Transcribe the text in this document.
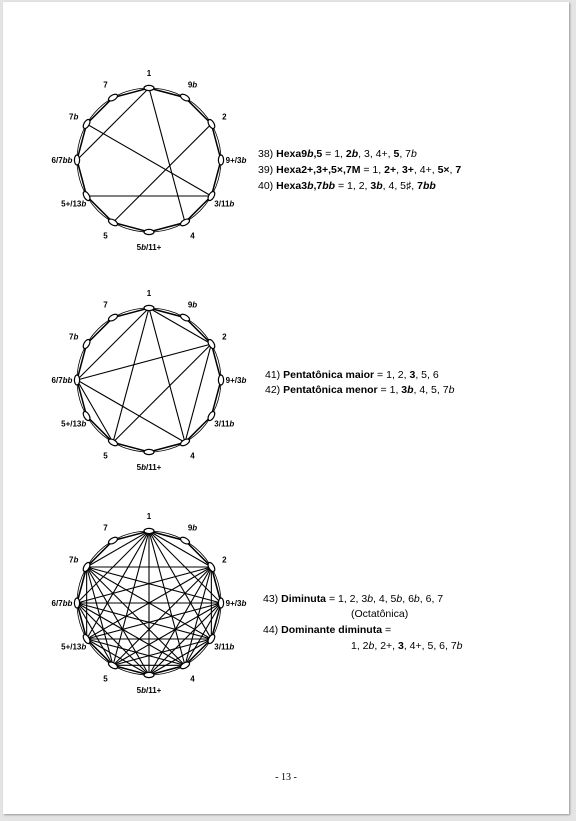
1
9b
2
9+/3b
3/11b
4
5b/11+
5
5+/13b
6/7bb
7b
7
1
9b
2
9+/3b
3/11b
4
5b/11+
5
5+/13b
6/7bb
7b
7
1
9b
2
9+/3b
3/11b
4
5b/11+
5
5+/13b
6/7bb
7b
7
38) Hexa9b,5 = 1, 2b, 3, 4+, 5, 7b
39) Hexa2+,3+,5×,7M = 1, 2+, 3+, 4+, 5×, 7
40) Hexa3b,7bb = 1, 2, 3b, 4, 5♯, 7bb
41) Pentatônica maior = 1, 2, 3, 5, 6
42) Pentatônica menor = 1, 3b, 4, 5, 7b
43) Diminuta = 1, 2, 3b, 4, 5b, 6b, 6, 7
(Octatônica)
44) Dominante diminuta =
1, 2b, 2+, 3, 4+, 5, 6, 7b
- 13 -
